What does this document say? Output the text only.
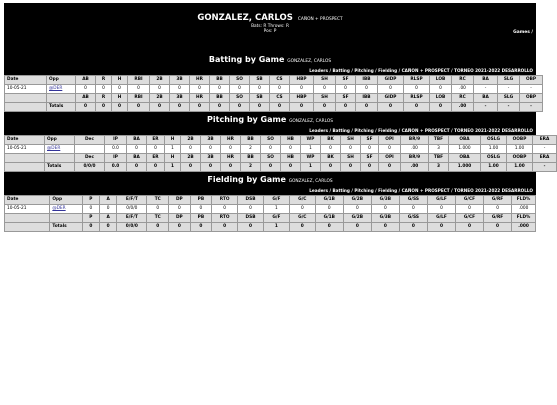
GONZALEZ, CARLOS CAÑON + PROSPECT
Bats: R Throws: R
Pos: P	Games /
Batting by Game GONZALEZ, CARLOS
Leaders / Batting / Pitching / Fielding / CAÑON + PROSPECT / TORNEO 2021-2022 DESARROLLO
Date	Opp	AB	R	H	RBI	2B	3B	HR	BB	SO	SB	CS	HBP	SH	SF	IBB	GIDP	RLSP	LOB	RC	BA	SLG	OBP
10-05-21	@DER	0	0	0	0	0	0	0	0	0	0	0	0	0	0	0	0	0	0	.00	-	-	-
		AB	R	H	RBI	2B	3B	HR	BB	SO	SB	CS	HBP	SH	SF	IBB	GIDP	RLSP	LOB	RC	BA	SLG	OBP
	Totals	0	0	0	0	0	0	0	0	0	0	0	0	0	0	0	0	0	0	.00	-	-	-
Pitching by Game GONZALEZ, CARLOS
Leaders / Batting / Pitching / Fielding / CAÑON + PROSPECT / TORNEO 2021-2022 DESARROLLO
Date	Opp	Dec	IP	BA	ER	H	2B	3B	HR	BB	SO	HB	WP	BK	SH	SF	OPI	BR/9	TBF	OBA	OSLG	OOBP	ERA
10-05-21	@DER		0.0	0	0	1	0	0	0	2	0	0	1	0	0	0	0	.00	3	1.000	1.00	1.00	-
		Dec	IP	BA	ER	H	2B	3B	HR	BB	SO	HB	WP	BK	SH	SF	OPI	BR/9	TBF	OBA	OSLG	OOBP	ERA
	Totals	0/0/0	0.0	0	0	1	0	0	0	2	0	0	1	0	0	0	0	.00	3	1.000	1.00	1.00	-
Fielding by Game GONZALEZ, CARLOS
Leaders / Batting / Pitching / Fielding / CAÑON + PROSPECT / TORNEO 2021-2022 DESARROLLO
Date	Opp	P	A	E/F/T	TC	DP	PB	RTO	DSB	G/F	G/C	G/1B	G/2B	G/3B	G/SS	G/LF	G/CF	G/RF	FLD%
10-05-21	@DER	0	0	0/0/0	0	0	0	0	0	1	0	0	0	0	0	0	0	0	.000
		P	A	E/F/T	TC	DP	PB	RTO	DSB	G/F	G/C	G/1B	G/2B	G/3B	G/SS	G/LF	G/CF	G/RF	FLD%
	Totals	0	0	0/0/0	0	0	0	0	0	1	0	0	0	0	0	0	0	0	.000
